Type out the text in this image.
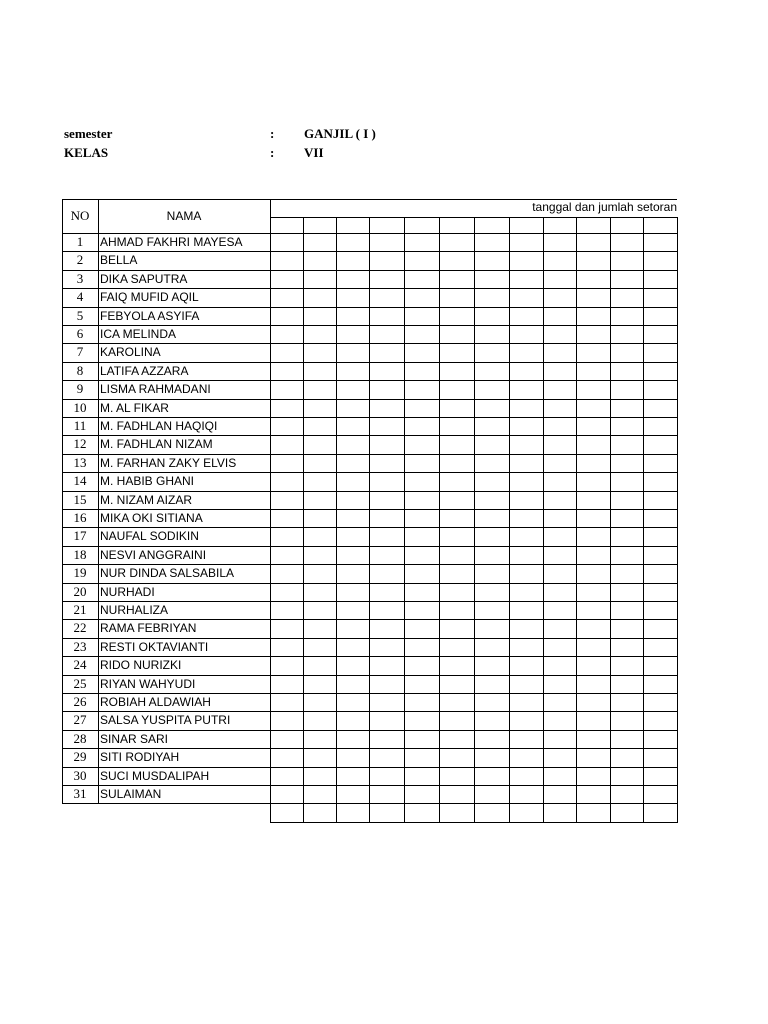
semester	: GANJIL ( I )
KELAS	: VII
NO	NAMA
tanggal dan jumlah setoran
1	AHMAD FAKHRI MAYESA
2	BELLA
3	DIKA SAPUTRA
4	FAIQ MUFID AQIL
5	FEBYOLA ASYIFA
6	ICA MELINDA
7	KAROLINA
8	LATIFA AZZARA
9	LISMA RAHMADANI
10	M. AL FIKAR
11	M. FADHLAN HAQIQI
12	M. FADHLAN NIZAM
13	M. FARHAN ZAKY ELVIS
14	M. HABIB GHANI
15	M. NIZAM AIZAR
16	MIKA OKI SITIANA
17	NAUFAL SODIKIN
18	NESVI ANGGRAINI
19	NUR DINDA SALSABILA
20	NURHADI
21	NURHALIZA
22	RAMA FEBRIYAN
23	RESTI OKTAVIANTI
24	RIDO NURIZKI
25	RIYAN WAHYUDI
26	ROBIAH ALDAWIAH
27	SALSA YUSPITA PUTRI
28	SINAR SARI
29	SITI RODIYAH
30	SUCI MUSDALIPAH
31	SULAIMAN
